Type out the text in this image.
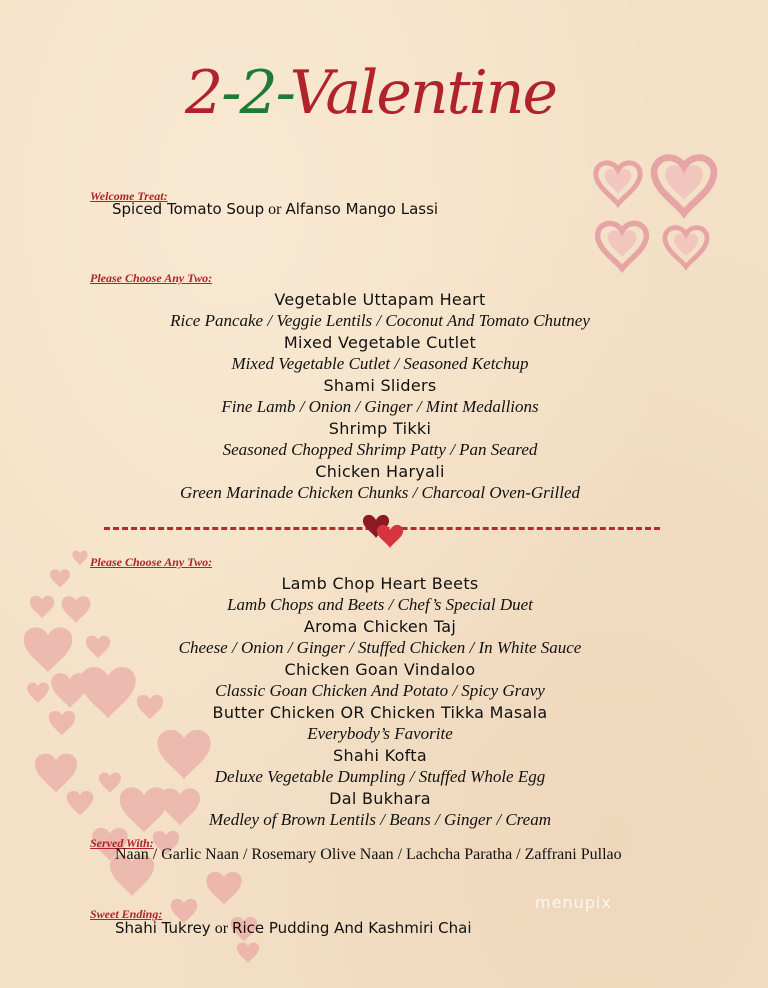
2-2-Valentine
Welcome Treat:
Spiced Tomato Soup or Alfanso Mango Lassi
Please Choose Any Two:
Vegetable Uttapam Heart
Rice Pancake / Veggie Lentils / Coconut And Tomato Chutney
Mixed Vegetable Cutlet
Mixed Vegetable Cutlet / Seasoned Ketchup
Shami Sliders
Fine Lamb / Onion / Ginger / Mint Medallions
Shrimp Tikki
Seasoned Chopped Shrimp Patty / Pan Seared
Chicken Haryali
Green Marinade Chicken Chunks / Charcoal Oven-Grilled
Please Choose Any Two:
Lamb Chop Heart Beets
Lamb Chops and Beets / Chef’s Special Duet
Aroma Chicken Taj
Cheese / Onion / Ginger / Stuffed Chicken / In White Sauce
Chicken Goan Vindaloo
Classic Goan Chicken And Potato / Spicy Gravy
Butter Chicken OR Chicken Tikka Masala
Everybody’s Favorite
Shahi Kofta
Deluxe Vegetable Dumpling / Stuffed Whole Egg
Dal Bukhara
Medley of Brown Lentils / Beans / Ginger / Cream
Served With:
Naan / Garlic Naan / Rosemary Olive Naan / Lachcha Paratha / Zaffrani Pullao
Sweet Ending:
Shahi Tukrey or Rice Pudding And Kashmiri Chai
menupix
